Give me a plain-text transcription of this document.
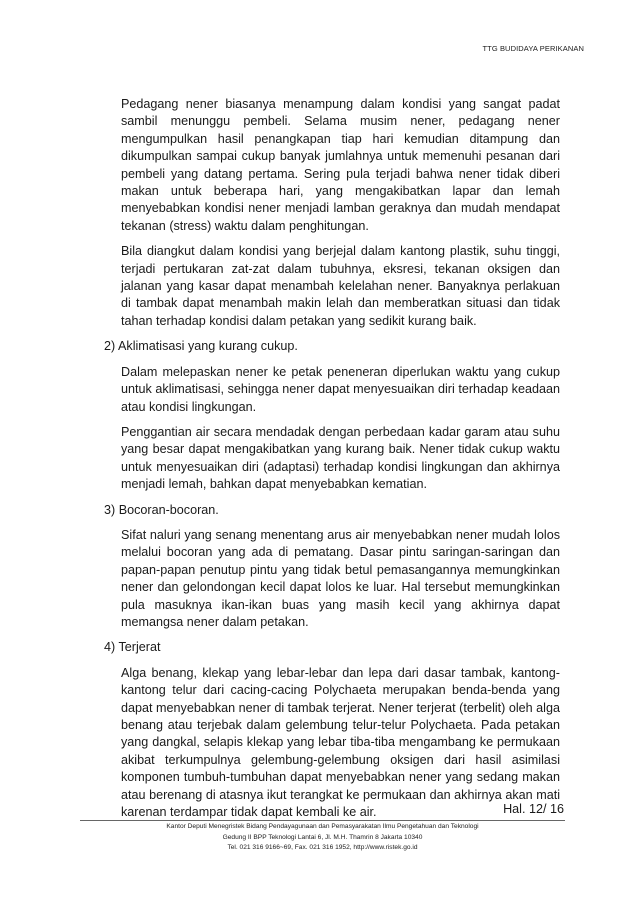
TTG BUDIDAYA PERIKANAN

Pedagang nener biasanya menampung dalam kondisi yang sangat padat sambil menunggu pembeli. Selama musim nener, pedagang nener mengumpulkan hasil penangkapan tiap hari kemudian ditampung dan dikumpulkan sampai cukup banyak jumlahnya untuk memenuhi pesanan dari pembeli yang datang pertama. Sering pula terjadi bahwa nener tidak diberi makan untuk beberapa hari, yang mengakibatkan lapar dan lemah menyebabkan kondisi nener menjadi lamban geraknya dan mudah mendapat tekanan (stress) waktu dalam penghitungan.

Bila diangkut dalam kondisi yang berjejal dalam kantong plastik, suhu tinggi, terjadi pertukaran zat-zat dalam tubuhnya, eksresi, tekanan oksigen dan jalanan yang kasar dapat menambah kelelahan nener. Banyaknya perlakuan di tambak dapat menambah makin lelah dan memberatkan situasi dan tidak tahan terhadap kondisi dalam petakan yang sedikit kurang baik.

2) Aklimatisasi yang kurang cukup.

Dalam melepaskan nener ke petak peneneran diperlukan waktu yang cukup untuk aklimatisasi, sehingga nener dapat menyesuaikan diri terhadap keadaan atau kondisi lingkungan.

Penggantian air secara mendadak dengan perbedaan kadar garam atau suhu yang besar dapat mengakibatkan yang kurang baik. Nener tidak cukup waktu untuk menyesuaikan diri (adaptasi) terhadap kondisi lingkungan dan akhirnya menjadi lemah, bahkan dapat menyebabkan kematian.

3) Bocoran-bocoran.

Sifat naluri yang senang menentang arus air menyebabkan nener mudah lolos melalui bocoran yang ada di pematang. Dasar pintu saringan-saringan dan papan-papan penutup pintu yang tidak betul pemasangannya memungkinkan nener dan gelondongan kecil dapat lolos ke luar. Hal tersebut memungkinkan pula masuknya ikan-ikan buas yang masih kecil yang akhirnya dapat memangsa nener dalam petakan.

4) Terjerat

Alga benang, klekap yang lebar-lebar dan lepa dari dasar tambak, kantong-kantong telur dari cacing-cacing Polychaeta merupakan benda-benda yang dapat menyebabkan nener di tambak terjerat. Nener terjerat (terbelit) oleh alga benang atau terjebak dalam gelembung telur-telur Polychaeta. Pada petakan yang dangkal, selapis klekap yang lebar tiba-tiba mengambang ke permukaan akibat terkumpulnya gelembung-gelembung oksigen dari hasil asimilasi komponen tumbuh-tumbuhan dapat menyebabkan nener yang sedang makan atau berenang di atasnya ikut terangkat ke permukaan dan akhirnya akan mati karenan terdampar tidak dapat kembali ke air.	Hal. 12/ 16
Kantor Deputi Menegristek Bidang Pendayagunaan dan Pemasyarakatan Ilmu Pengetahuan dan Teknologi
Gedung II BPP Teknologi Lantai 6, Jl. M.H. Thamrin 8 Jakarta 10340
Tel. 021 316 9166~69, Fax. 021 316 1952, http://www.ristek.go.id
